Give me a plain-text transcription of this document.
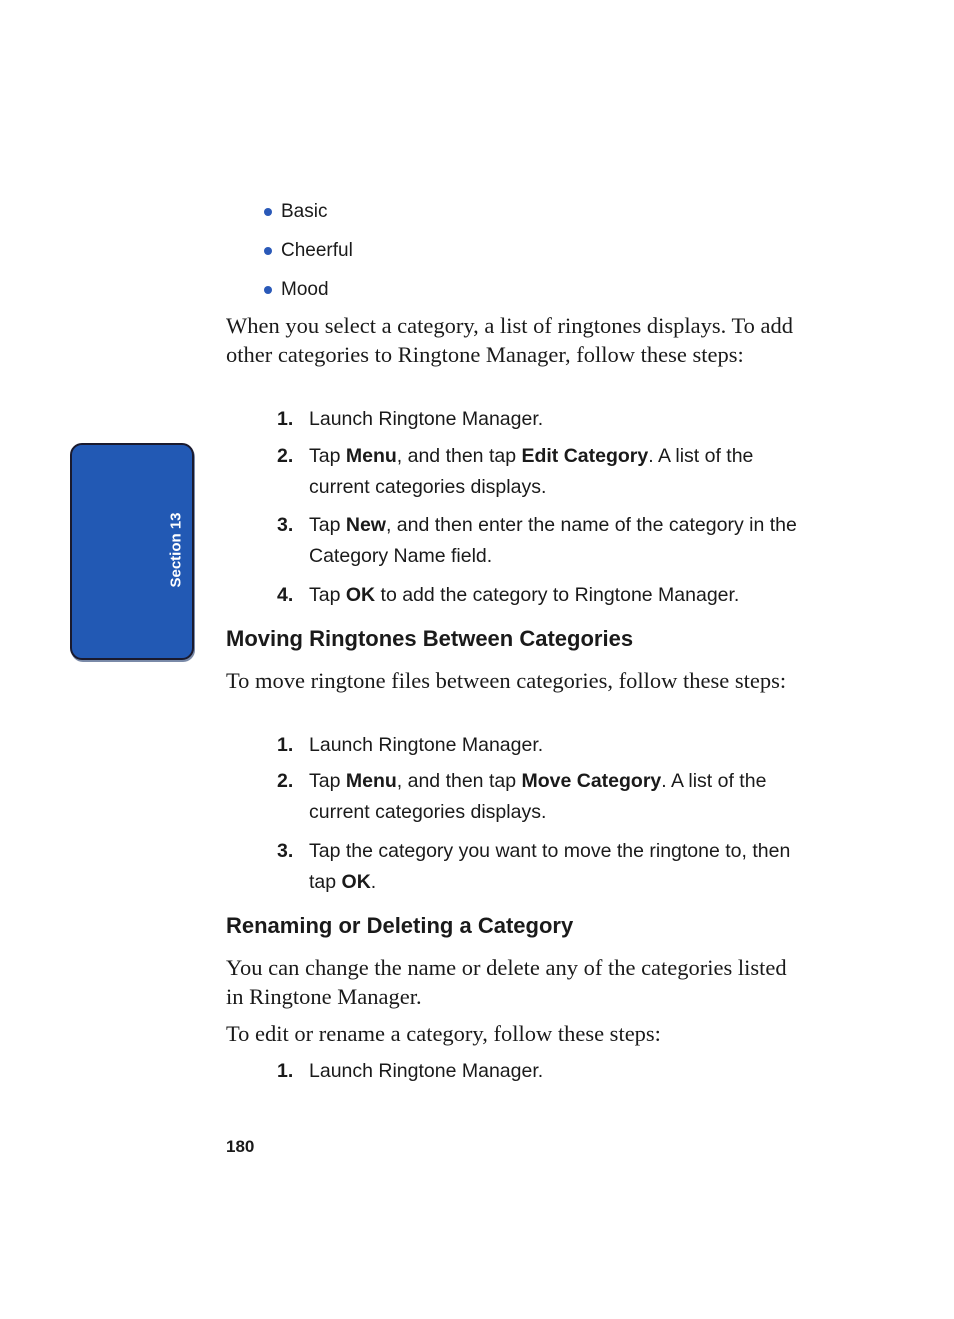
Section 13
Basic
Cheerful
Mood

When you select a category, a list of ringtones displays. To add other categories to Ringtone Manager, follow these steps:

1. Launch Ringtone Manager.
2. Tap Menu, and then tap Edit Category. A list of the current categories displays.
3. Tap New, and then enter the name of the category in the Category Name field.
4. Tap OK to add the category to Ringtone Manager.
Moving Ringtones Between Categories

To move ringtone files between categories, follow these steps:

1. Launch Ringtone Manager.
2. Tap Menu, and then tap Move Category. A list of the current categories displays.
3. Tap the category you want to move the ringtone to, then tap OK.
Renaming or Deleting a Category

You can change the name or delete any of the categories listed in Ringtone Manager.

To edit or rename a category, follow these steps:

1. Launch Ringtone Manager.
180
